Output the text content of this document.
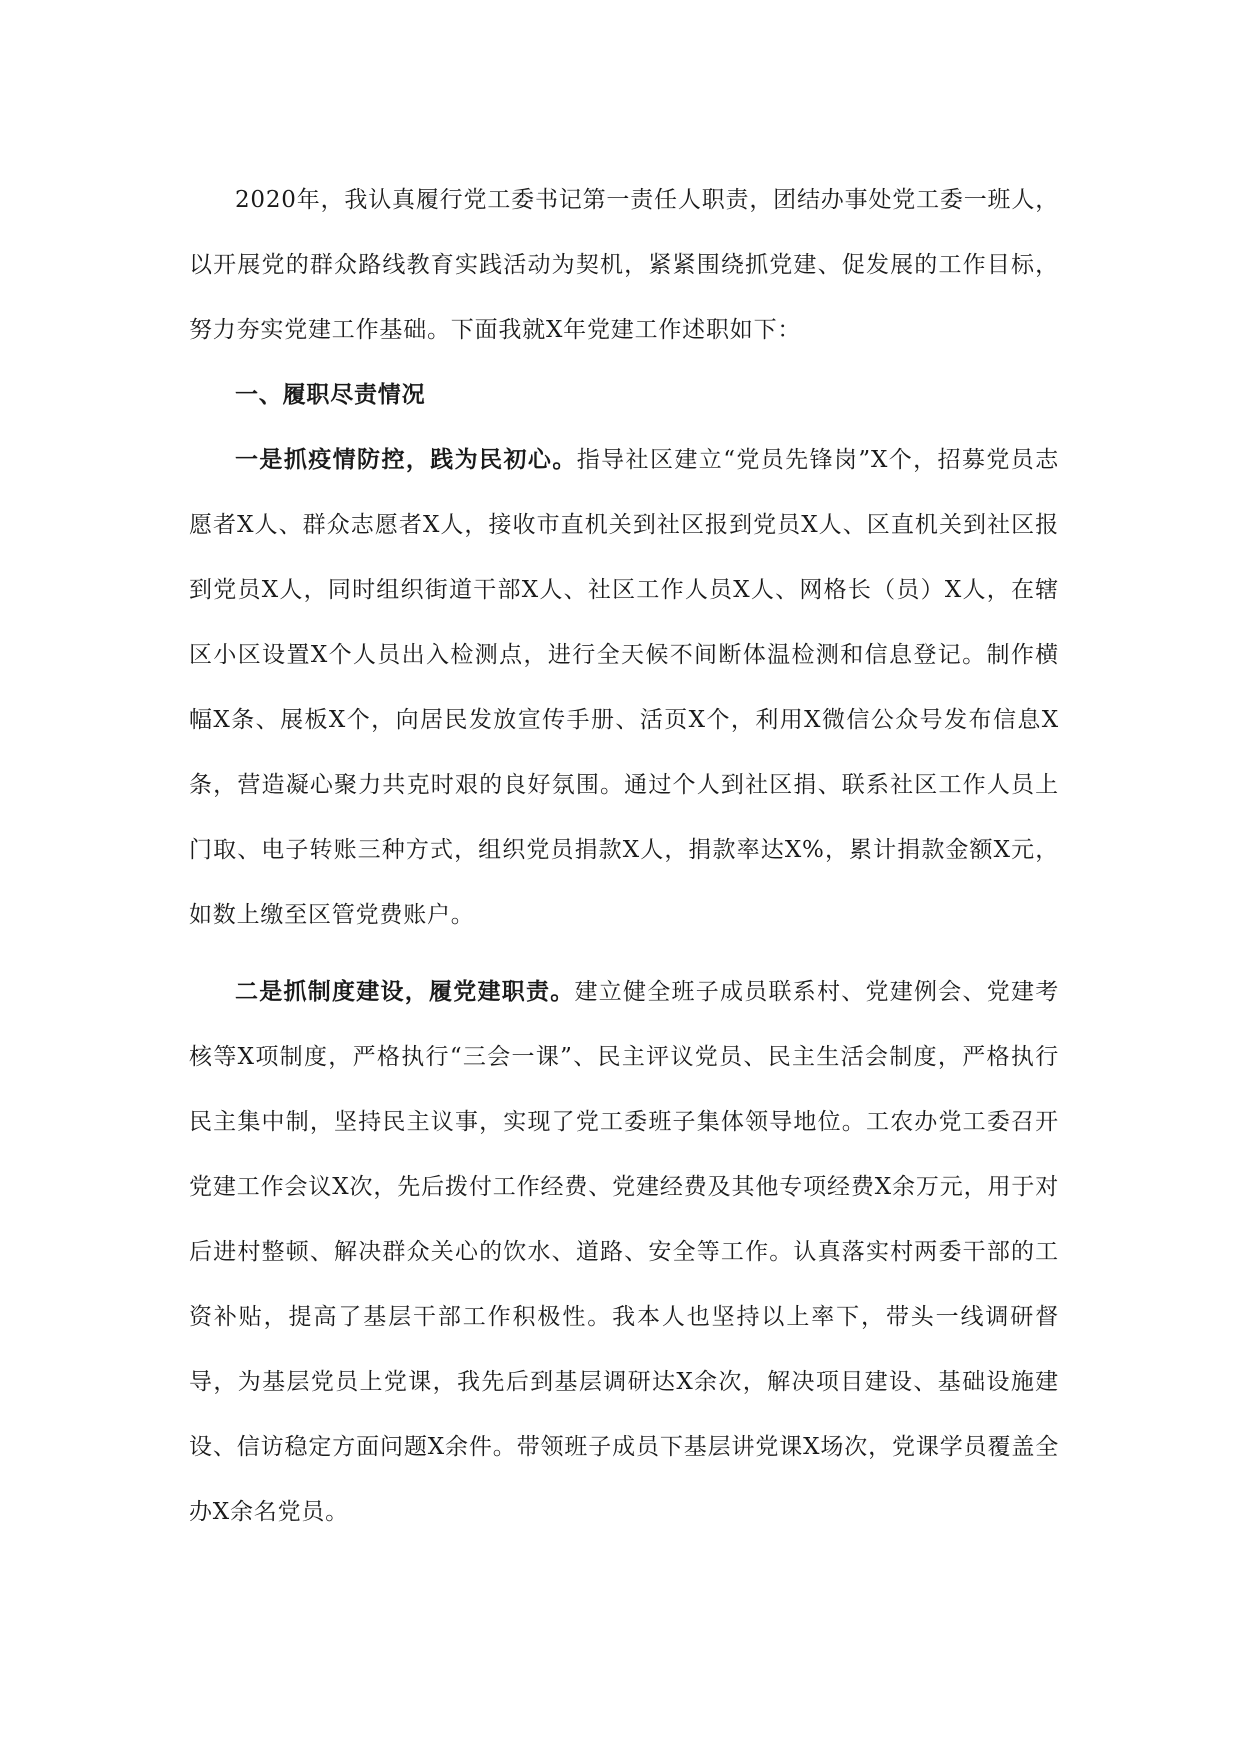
2020年，我认真履行党工委书记第一责任人职责，团结办事处党工委一班人，以开展党的群众路线教育实践活动为契机，紧紧围绕抓党建、促发展的工作目标，努力夯实党建工作基础。下面我就X年党建工作述职如下：

一、履职尽责情况

一是抓疫情防控，践为民初心。指导社区建立“党员先锋岗”X个，招募党员志愿者X人、群众志愿者X人，接收市直机关到社区报到党员X人、区直机关到社区报到党员X人，同时组织街道干部X人、社区工作人员X人、网格长（员）X人，在辖区小区设置X个人员出入检测点，进行全天候不间断体温检测和信息登记。制作横幅X条、展板X个，向居民发放宣传手册、活页X个，利用X微信公众号发布信息X条，营造凝心聚力共克时艰的良好氛围。通过个人到社区捐、联系社区工作人员上门取、电子转账三种方式，组织党员捐款X人，捐款率达X%，累计捐款金额X元，如数上缴至区管党费账户。

二是抓制度建设，履党建职责。建立健全班子成员联系村、党建例会、党建考核等X项制度，严格执行“三会一课”、民主评议党员、民主生活会制度，严格执行民主集中制，坚持民主议事，实现了党工委班子集体领导地位。工农办党工委召开党建工作会议X次，先后拨付工作经费、党建经费及其他专项经费X余万元，用于对后进村整顿、解决群众关心的饮水、道路、安全等工作。认真落实村两委干部的工资补贴，提高了基层干部工作积极性。我本人也坚持以上率下，带头一线调研督导，为基层党员上党课，我先后到基层调研达X余次，解决项目建设、基础设施建设、信访稳定方面问题X余件。带领班子成员下基层讲党课X场次，党课学员覆盖全办X余名党员。
